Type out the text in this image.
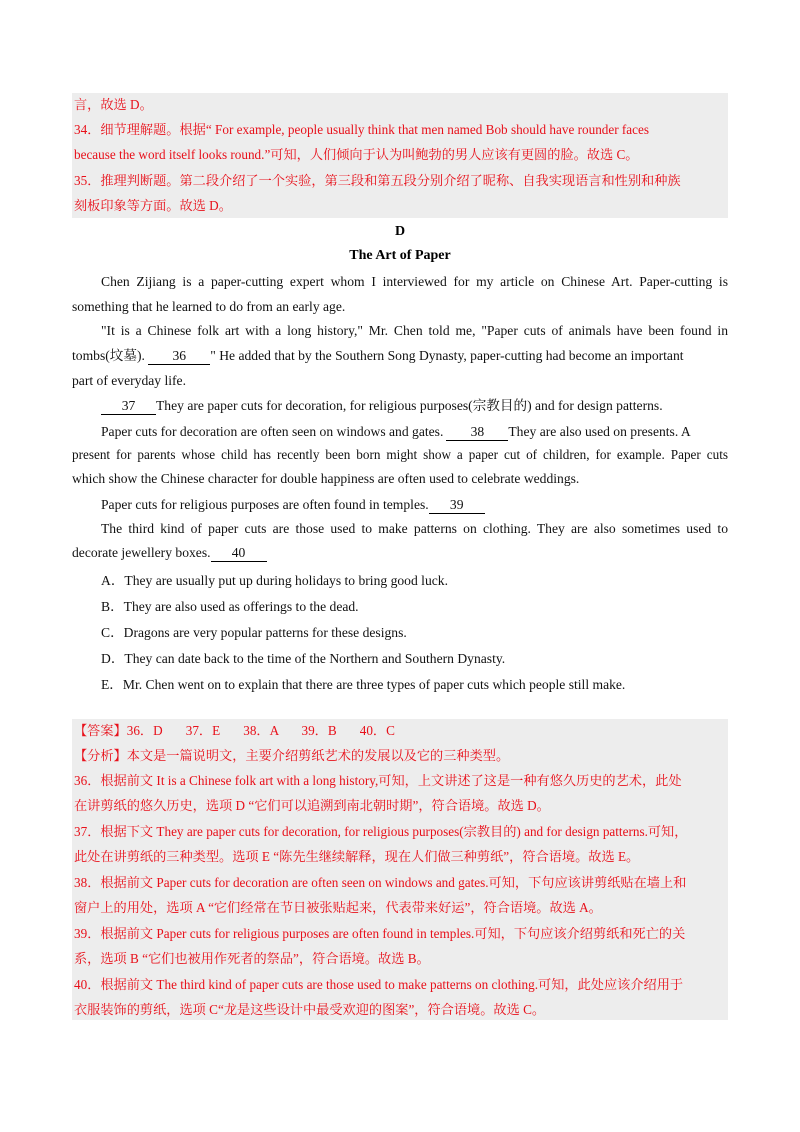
言，故选 D。
34．细节理解题。根据“ For example, people usually think that men named Bob should have rounder faces
because the word itself looks round.”可知，人们倾向于认为叫鲍勃的男人应该有更圆的脸。故选 C。
35．推理判断题。第二段介绍了一个实验，第三段和第五段分别介绍了昵称、自我实现语言和性别和种族
刻板印象等方面。故选 D。
D
The Art of Paper
Chen Zijiang is a paper-cutting expert whom I interviewed for my article on Chinese Art. Paper-cutting is
something that he learned to do from an early age.
"It is a Chinese folk art with a long history," Mr. Chen told me, "Paper cuts of animals have been found in
tombs(坟墓). 36 " He added that by the Southern Song Dynasty, paper-cutting had become an important
part of everyday life.
37 They are paper cuts for decoration, for religious purposes(宗教目的) and for design patterns.
Paper cuts for decoration are often seen on windows and gates. 38 They are also used on presents. A
present for parents whose child has recently been born might show a paper cut of children, for example. Paper cuts
which show the Chinese character for double happiness are often used to celebrate weddings.
Paper cuts for religious purposes are often found in temples. 39
The third kind of paper cuts are those used to make patterns on clothing. They are also sometimes used to
decorate jewellery boxes. 40
A．They are usually put up during holidays to bring good luck.
B．They are also used as offerings to the dead.
C．Dragons are very popular patterns for these designs.
D．They can date back to the time of the Northern and Southern Dynasty.
E．Mr. Chen went on to explain that there are three types of paper cuts which people still make.
【答案】36．D       37．E       38．A       39．B       40．C
【分析】本文是一篇说明文，主要介绍剪纸艺术的发展以及它的三种类型。
36．根据前文 It is a Chinese folk art with a long history,可知，上文讲述了这是一种有悠久历史的艺术，此处
在讲剪纸的悠久历史，选项 D “它们可以追溯到南北朝时期”，符合语境。故选 D。
37．根据下文 They are paper cuts for decoration, for religious purposes(宗教目的) and for design patterns.可知，
此处在讲剪纸的三种类型。选项 E “陈先生继续解释，现在人们做三种剪纸”，符合语境。故选 E。
38．根据前文 Paper cuts for decoration are often seen on windows and gates.可知，下句应该讲剪纸贴在墙上和
窗户上的用处，选项 A “它们经常在节日被张贴起来，代表带来好运”，符合语境。故选 A。
39．根据前文 Paper cuts for religious purposes are often found in temples.可知，下句应该介绍剪纸和死亡的关
系，选项 B “它们也被用作死者的祭品”，符合语境。故选 B。
40．根据前文 The third kind of paper cuts are those used to make patterns on clothing.可知，此处应该介绍用于
衣服装饰的剪纸，选项 C“龙是这些设计中最受欢迎的图案”，符合语境。故选 C。
